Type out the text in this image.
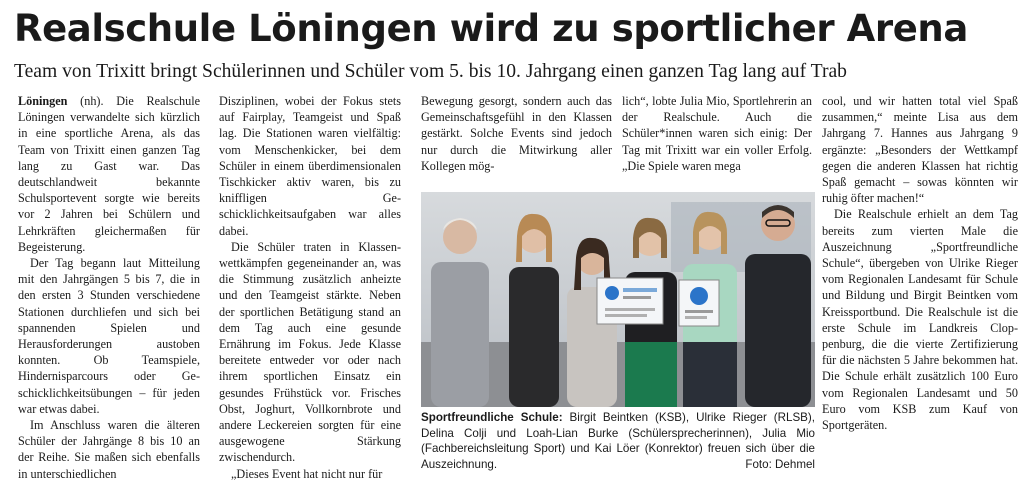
Realschule Löningen wird zu sportlicher Arena
Team von Trixitt bringt Schülerinnen und Schüler vom 5. bis 10. Jahrgang einen ganzen Tag lang auf Trab

Löningen (nh). Die Realschule Löningen verwandelte sich kürzlich in eine sportliche Arena, als das Team von Trixitt einen ganzen Tag lang zu Gast war. Das deutschlandweit bekannte Schulsportevent sorgte wie bereits vor 2 Jahren bei Schülern und Lehrkräften gleichermaßen für Begeisterung.

Der Tag begann laut Mitteilung mit den Jahrgängen 5 bis 7, die in den ersten 3 Stunden verschiedene Stationen durchliefen und sich bei spannenden Spielen und Herausforderungen austoben konnten. Ob Teamspiele, Hindernisparcours oder Geschicklichkeitsübungen – für jeden war etwas dabei.

Im Anschluss waren die älteren Schüler der Jahrgänge 8 bis 10 an der Reihe. Sie maßen sich ebenfalls in unterschiedlichen

Disziplinen, wobei der Fokus stets auf Fairplay, Teamgeist und Spaß lag. Die Stationen waren vielfältig: vom Menschenkicker, bei dem Schüler in einem überdimensionalen Tischkicker aktiv waren, bis zu kniffligen Geschicklichkeitsaufgaben war alles dabei.

Die Schüler traten in Klassenwettkämpfen gegeneinander an, was die Stimmung zusätzlich anheizte und den Teamgeist stärkte. Neben der sportlichen Betätigung stand an dem Tag auch eine gesunde Ernährung im Fokus. Jede Klasse bereitete entweder vor oder nach ihrem sportlichen Einsatz ein gesundes Frühstück vor. Frisches Obst, Joghurt, Vollkornbrote und andere Leckereien sorgten für eine ausgewogene Stärkung zwischendurch.

„Dieses Event hat nicht nur für

Bewegung gesorgt, sondern auch das Gemeinschaftsgefühl in den Klassen gestärkt. Solche Events sind jedoch nur durch die Mitwirkung aller Kollegen mög-

lich“, lobte Julia Mio, Sportlehrerin an der Realschule. Auch die Schüler*innen waren sich einig: Der Tag mit Trixitt war ein voller Erfolg. „Die Spiele waren mega

cool, und wir hatten total viel Spaß zusammen,“ meinte Lisa aus dem Jahrgang 7. Hannes aus Jahrgang 9 ergänzte: „Besonders der Wettkampf gegen die anderen Klassen hat richtig Spaß gemacht – sowas könnten wir ruhig öfter machen!“

Die Realschule erhielt an dem Tag bereits zum vierten Male die Auszeichnung „Sportfreundliche Schule“, übergeben von Ulrike Rieger vom Regionalen Landesamt für Schule und Bildung und Birgit Beintken vom Kreissportbund. Die Realschule ist die erste Schule im Landkreis Cloppenburg, die die vierte Zertifizierung für die nächsten 5 Jahre bekommen hat. Die Schule erhält zusätzlich 100 Euro vom Regionalen Landesamt und 50 Euro vom KSB zum Kauf von Sportgeräten.

Sportfreundliche Schule: Birgit Beintken (KSB), Ulrike Rieger (RLSB), Delina Colji und Loah-Lian Burke (Schülersprecherinnen), Julia Mio (Fachbereichsleitung Sport) und Kai Löer (Konrektor) freuen sich über die Auszeichnung.	Foto: Dehmel
